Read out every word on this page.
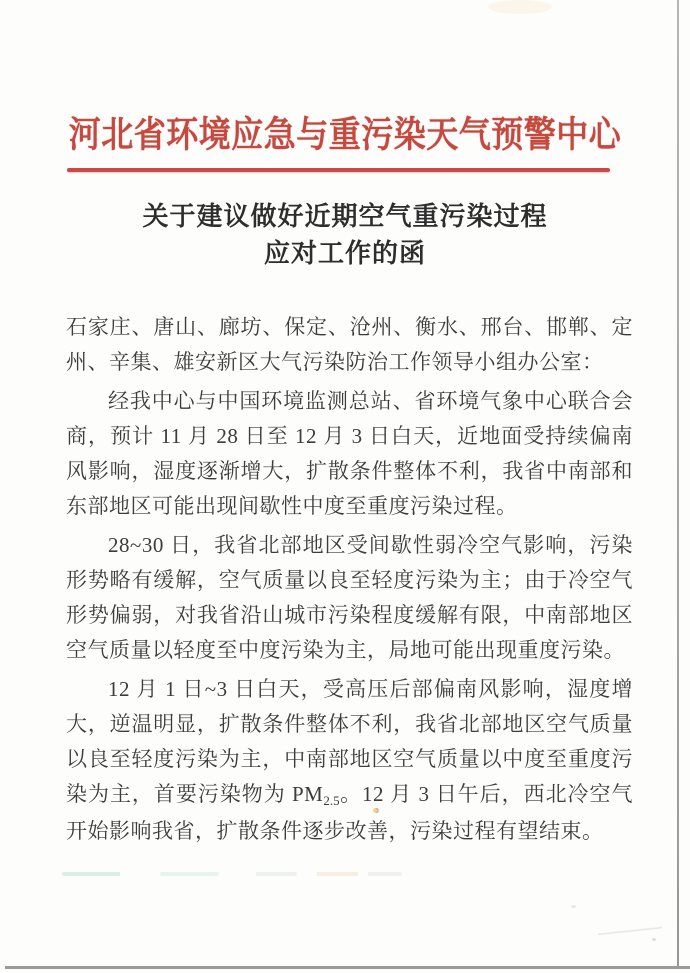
河北省环境应急与重污染天气预警中心
关于建议做好近期空气重污染过程
应对工作的函

石家庄、唐山、廊坊、保定、沧州、衡水、邢台、邯郸、定州、辛集、雄安新区大气污染防治工作领导小组办公室：

经我中心与中国环境监测总站、省环境气象中心联合会商，预计 11 月 28 日至 12 月 3 日白天，近地面受持续偏南风影响，湿度逐渐增大，扩散条件整体不利，我省中南部和东部地区可能出现间歇性中度至重度污染过程。

28~30 日，我省北部地区受间歇性弱冷空气影响，污染形势略有缓解，空气质量以良至轻度污染为主；由于冷空气形势偏弱，对我省沿山城市污染程度缓解有限，中南部地区空气质量以轻度至中度污染为主，局地可能出现重度污染。

12 月 1 日~3 日白天，受高压后部偏南风影响，湿度增大，逆温明显，扩散条件整体不利，我省北部地区空气质量以良至轻度污染为主，中南部地区空气质量以中度至重度污染为主，首要污染物为 PM2.5。12 月 3 日午后，西北冷空气开始影响我省，扩散条件逐步改善，污染过程有望结束。
